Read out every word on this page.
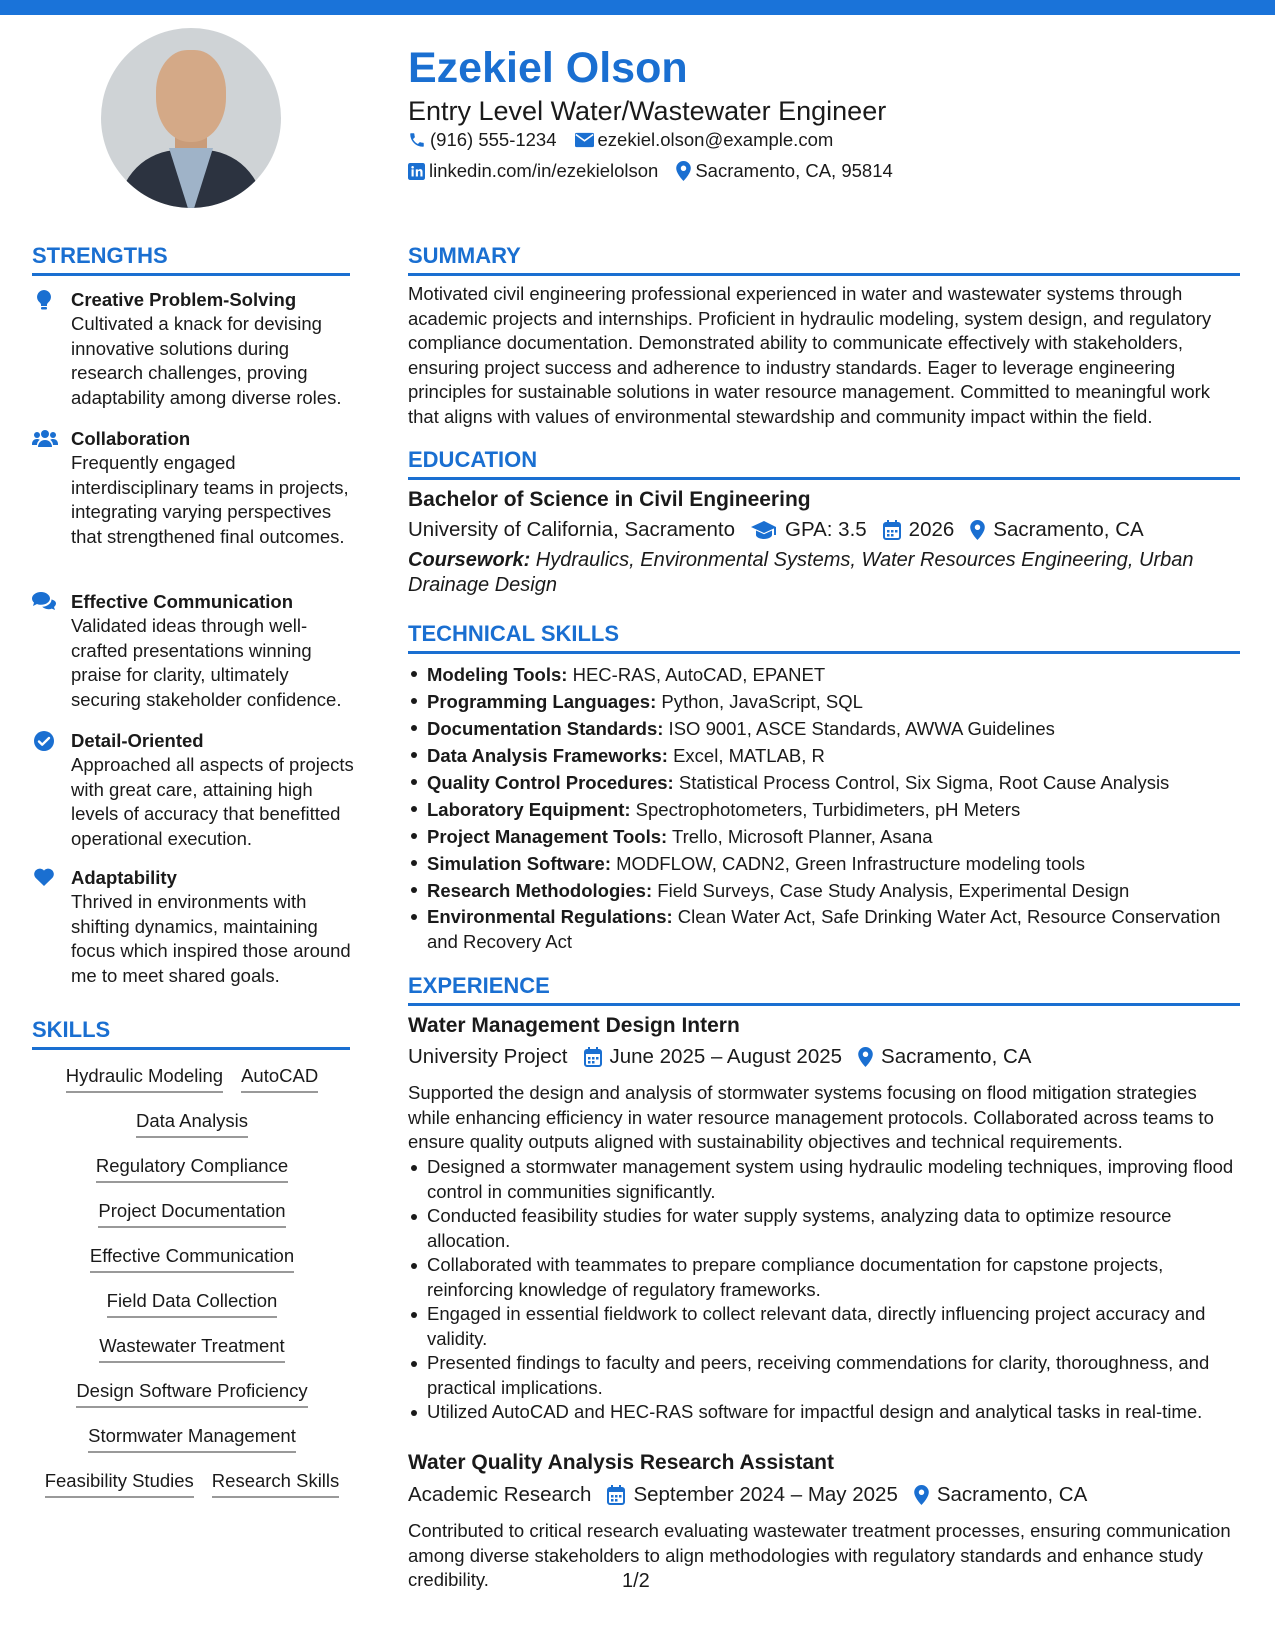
Ezekiel Olson
Entry Level Water/Wastewater Engineer
(916) 555-1234 ezekiel.olson@example.com
linkedin.com/in/ezekielolson Sacramento, CA, 95814
STRENGTHS
Creative Problem-Solving
Cultivated a knack for devising innovative solutions during research challenges, proving adaptability among diverse roles.
Collaboration
Frequently engaged interdisciplinary teams in projects, integrating varying perspectives that strengthened final outcomes.
Effective Communication
Validated ideas through well-crafted presentations winning praise for clarity, ultimately securing stakeholder confidence.
Detail-Oriented
Approached all aspects of projects with great care, attaining high levels of accuracy that benefitted operational execution.
Adaptability
Thrived in environments with shifting dynamics, maintaining focus which inspired those around me to meet shared goals.
SKILLS
Hydraulic Modeling AutoCAD
Data Analysis
Regulatory Compliance
Project Documentation
Effective Communication
Field Data Collection
Wastewater Treatment
Design Software Proficiency
Stormwater Management
Feasibility Studies Research Skills
SUMMARY
Motivated civil engineering professional experienced in water and wastewater systems through academic projects and internships. Proficient in hydraulic modeling, system design, and regulatory compliance documentation. Demonstrated ability to communicate effectively with stakeholders, ensuring project success and adherence to industry standards. Eager to leverage engineering principles for sustainable solutions in water resource management. Committed to meaningful work that aligns with values of environmental stewardship and community impact within the field.
EDUCATION
Bachelor of Science in Civil Engineering
University of California, Sacramento GPA: 3.5 2026 Sacramento, CA
Coursework: Hydraulics, Environmental Systems, Water Resources Engineering, Urban Drainage Design
TECHNICAL SKILLS
Modeling Tools: HEC-RAS, AutoCAD, EPANET
Programming Languages: Python, JavaScript, SQL
Documentation Standards: ISO 9001, ASCE Standards, AWWA Guidelines
Data Analysis Frameworks: Excel, MATLAB, R
Quality Control Procedures: Statistical Process Control, Six Sigma, Root Cause Analysis
Laboratory Equipment: Spectrophotometers, Turbidimeters, pH Meters
Project Management Tools: Trello, Microsoft Planner, Asana
Simulation Software: MODFLOW, CADN2, Green Infrastructure modeling tools
Research Methodologies: Field Surveys, Case Study Analysis, Experimental Design
Environmental Regulations: Clean Water Act, Safe Drinking Water Act, Resource Conservation and Recovery Act
EXPERIENCE
Water Management Design Intern
University Project June 2025 – August 2025 Sacramento, CA
Supported the design and analysis of stormwater systems focusing on flood mitigation strategies while enhancing efficiency in water resource management protocols. Collaborated across teams to ensure quality outputs aligned with sustainability objectives and technical requirements.
Designed a stormwater management system using hydraulic modeling techniques, improving flood control in communities significantly.
Conducted feasibility studies for water supply systems, analyzing data to optimize resource allocation.
Collaborated with teammates to prepare compliance documentation for capstone projects, reinforcing knowledge of regulatory frameworks.
Engaged in essential fieldwork to collect relevant data, directly influencing project accuracy and validity.
Presented findings to faculty and peers, receiving commendations for clarity, thoroughness, and practical implications.
Utilized AutoCAD and HEC-RAS software for impactful design and analytical tasks in real-time.
Water Quality Analysis Research Assistant
Academic Research September 2024 – May 2025 Sacramento, CA
Contributed to critical research evaluating wastewater treatment processes, ensuring communication among diverse stakeholders to align methodologies with regulatory standards and enhance study credibility.	1/2
